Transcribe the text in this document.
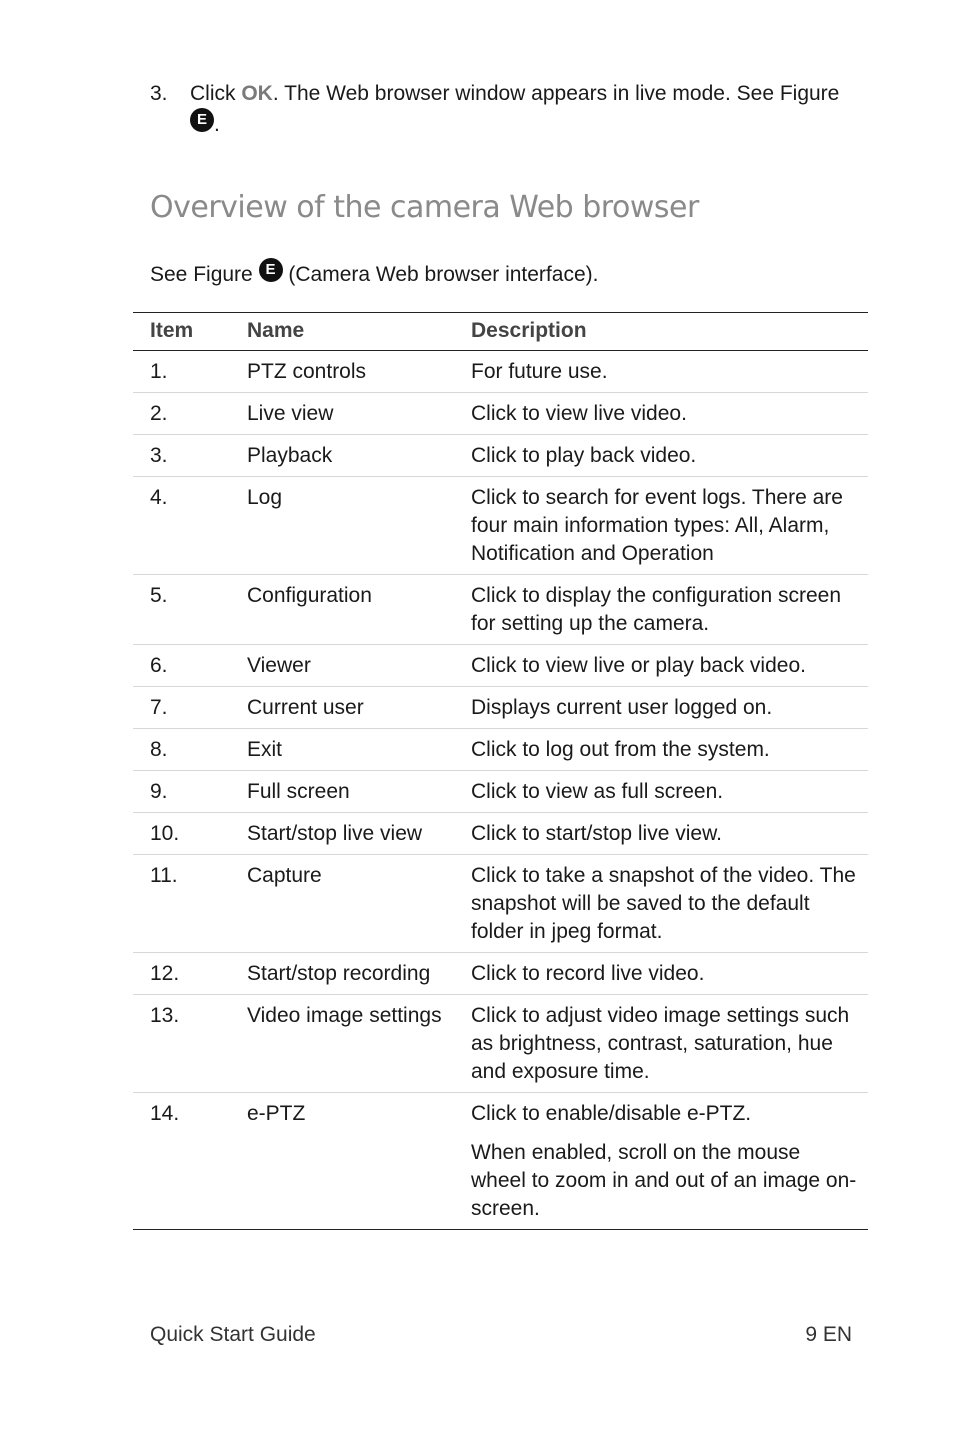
3. Click OK. The Web browser window appears in live mode. See Figure E .
Overview of the camera Web browser
See Figure E (Camera Web browser interface).
Item	Name	Description
1.	PTZ controls	For future use.

2.	Live view	Click to view live video.

3.	Playback	Click to play back video.

4.	Log	Click to search for event logs. There are four main information types: All, Alarm, Notification and Operation

5.	Configuration	Click to display the configuration screen for setting up the camera.

6.	Viewer	Click to view live or play back video.

7.	Current user	Displays current user logged on.

8.	Exit	Click to log out from the system.

9.	Full screen	Click to view as full screen.

10.	Start/stop live view	Click to start/stop live view.

11.	Capture	Click to take a snapshot of the video. The snapshot will be saved to the default folder in jpeg format.

12.	Start/stop recording	Click to record live video.

13.	Video image settings	Click to adjust video image settings such as brightness, contrast, saturation, hue and exposure time.

14.	e-PTZ	Click to enable/disable e-PTZ.
When enabled, scroll on the mouse wheel to zoom in and out of an image on-screen.
Quick Start Guide	9 EN
